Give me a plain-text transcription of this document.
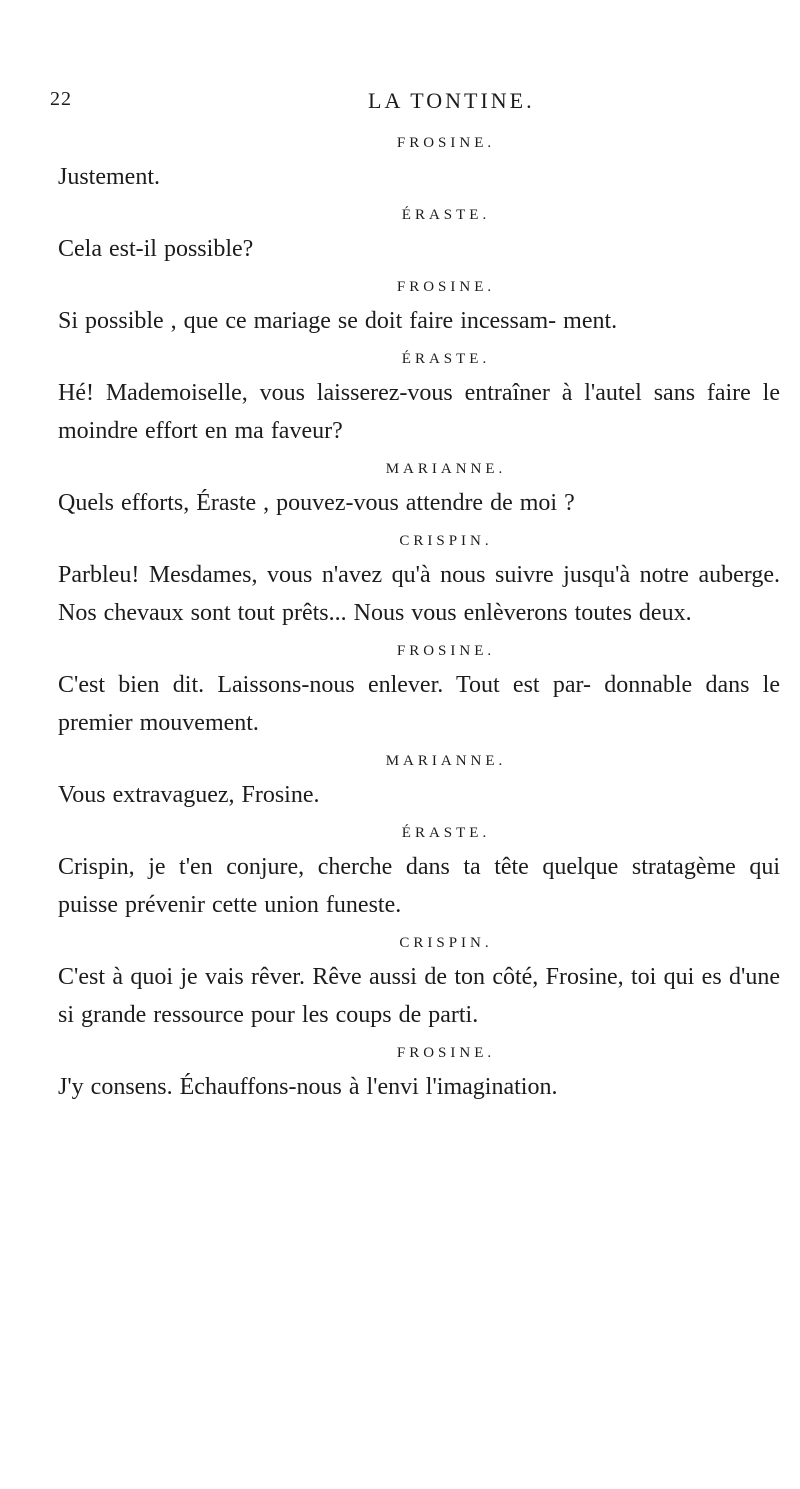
22	LA TONTINE.
FROSINE.

Justement.

ÉRASTE.

Cela est-il possible?

FROSINE.

Si possible , que ce mariage se doit faire incessam- ment.

ÉRASTE.

Hé! Mademoiselle, vous laisserez-vous entraîner à l'autel sans faire le moindre effort en ma faveur?

MARIANNE.

Quels efforts, Éraste , pouvez-vous attendre de moi ?

CRISPIN.

Parbleu! Mesdames, vous n'avez qu'à nous suivre jusqu'à notre auberge. Nos chevaux sont tout prêts... Nous vous enlèverons toutes deux.

FROSINE.

C'est bien dit. Laissons-nous enlever. Tout est par- donnable dans le premier mouvement.

MARIANNE.

Vous extravaguez, Frosine.

ÉRASTE.

Crispin, je t'en conjure, cherche dans ta tête quelque stratagème qui puisse prévenir cette union funeste.

CRISPIN.

C'est à quoi je vais rêver. Rêve aussi de ton côté, Frosine, toi qui es d'une si grande ressource pour les coups de parti.

FROSINE.

J'y consens. Échauffons-nous à l'envi l'imagination.
